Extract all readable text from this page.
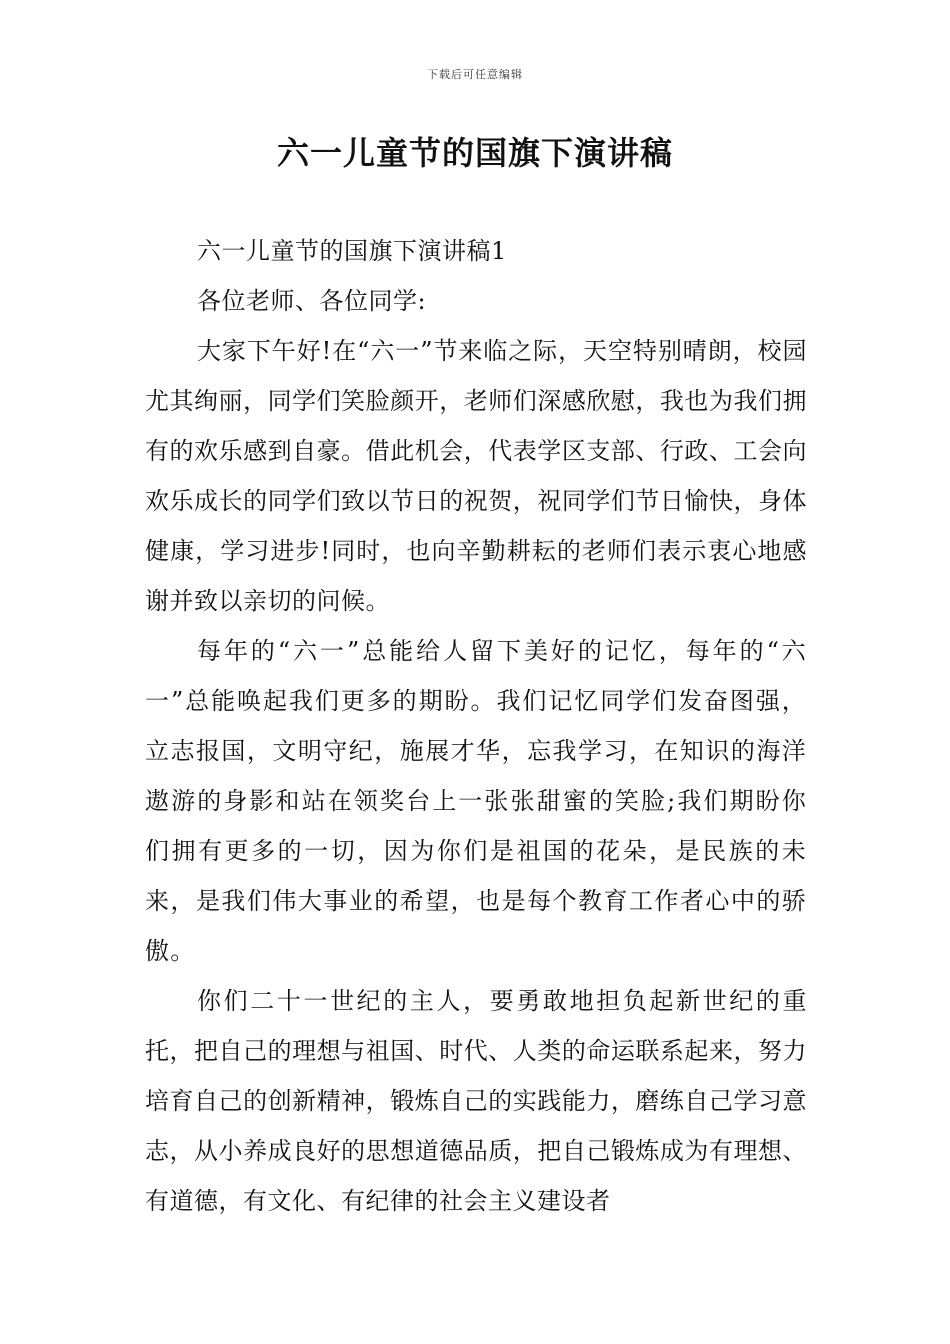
下载后可任意编辑
六一儿童节的国旗下演讲稿

六一儿童节的国旗下演讲稿1

各位老师、各位同学:

大家下午好!在“六一”节来临之际，天空特别晴朗，校园尤其绚丽，同学们笑脸颜开，老师们深感欣慰，我也为我们拥有的欢乐感到自豪。借此机会，代表学区支部、行政、工会向欢乐成长的同学们致以节日的祝贺，祝同学们节日愉快，身体健康，学习进步!同时，也向辛勤耕耘的老师们表示衷心地感谢并致以亲切的问候。

每年的“六一”总能给人留下美好的记忆，每年的“六一”总能唤起我们更多的期盼。我们记忆同学们发奋图强，立志报国，文明守纪，施展才华，忘我学习，在知识的海洋遨游的身影和站在领奖台上一张张甜蜜的笑脸;我们期盼你们拥有更多的一切，因为你们是祖国的花朵，是民族的未来，是我们伟大事业的希望，也是每个教育工作者心中的骄傲。

你们二十一世纪的主人，要勇敢地担负起新世纪的重托，把自己的理想与祖国、时代、人类的命运联系起来，努力培育自己的创新精神，锻炼自己的实践能力，磨练自己学习意志，从小养成良好的思想道德品质，把自己锻炼成为有理想、有道德，有文化、有纪律的社会主义建设者
